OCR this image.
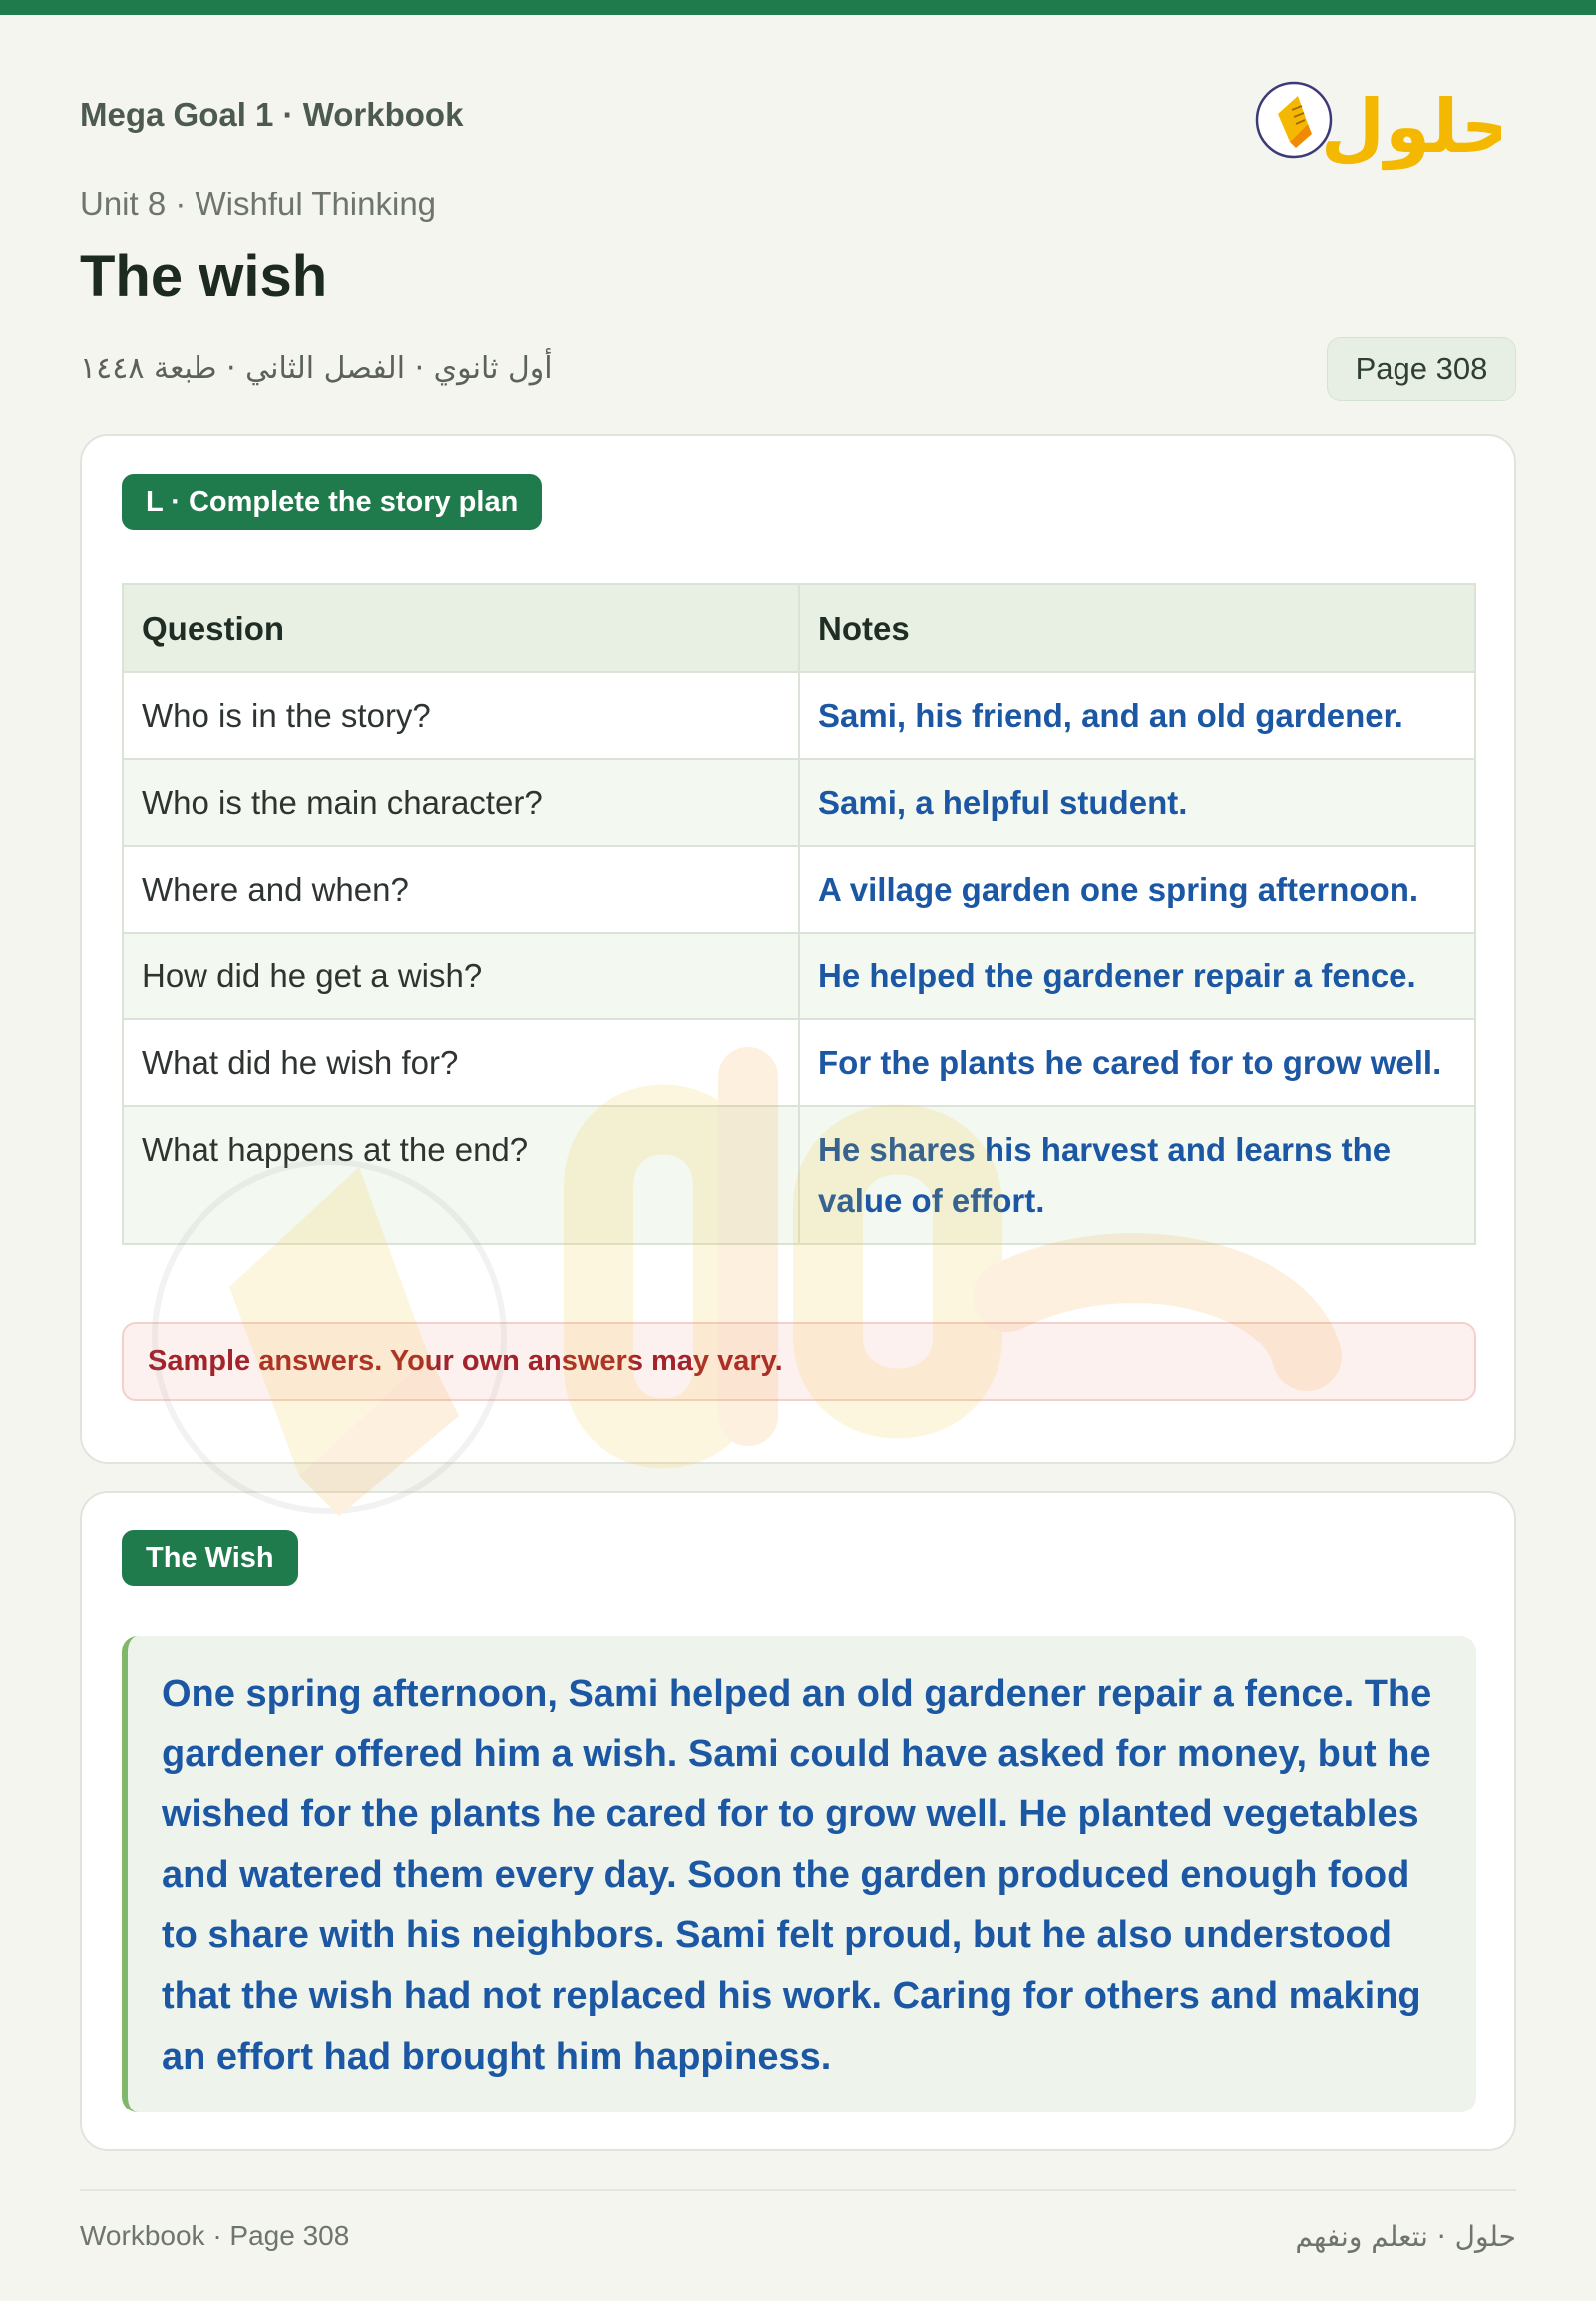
Mega Goal 1 · Workbook	حلول
Unit 8 · Wishful Thinking
The wish
أول ثانوي · الفصل الثاني · طبعة ١٤٤٨	Page 308
L · Complete the story plan
Question	Notes
Who is in the story?	Sami, his friend, and an old gardener.
Who is the main character?	Sami, a helpful student.
Where and when?	A village garden one spring afternoon.
How did he get a wish?	He helped the gardener repair a fence.
What did he wish for?	For the plants he cared for to grow well.
What happens at the end?	He shares his harvest and learns the value of effort.
Sample answers. Your own answers may vary.
The Wish

One spring afternoon, Sami helped an old gardener repair a fence. The gardener offered him a wish. Sami could have asked for money, but he wished for the plants he cared for to grow well. He planted vegetables and watered them every day. Soon the garden produced enough food to share with his neighbors. Sami felt proud, but he also understood that the wish had not replaced his work. Caring for others and making an effort had brought him happiness.

Workbook · Page 308	حلول · نتعلم ونفهم
